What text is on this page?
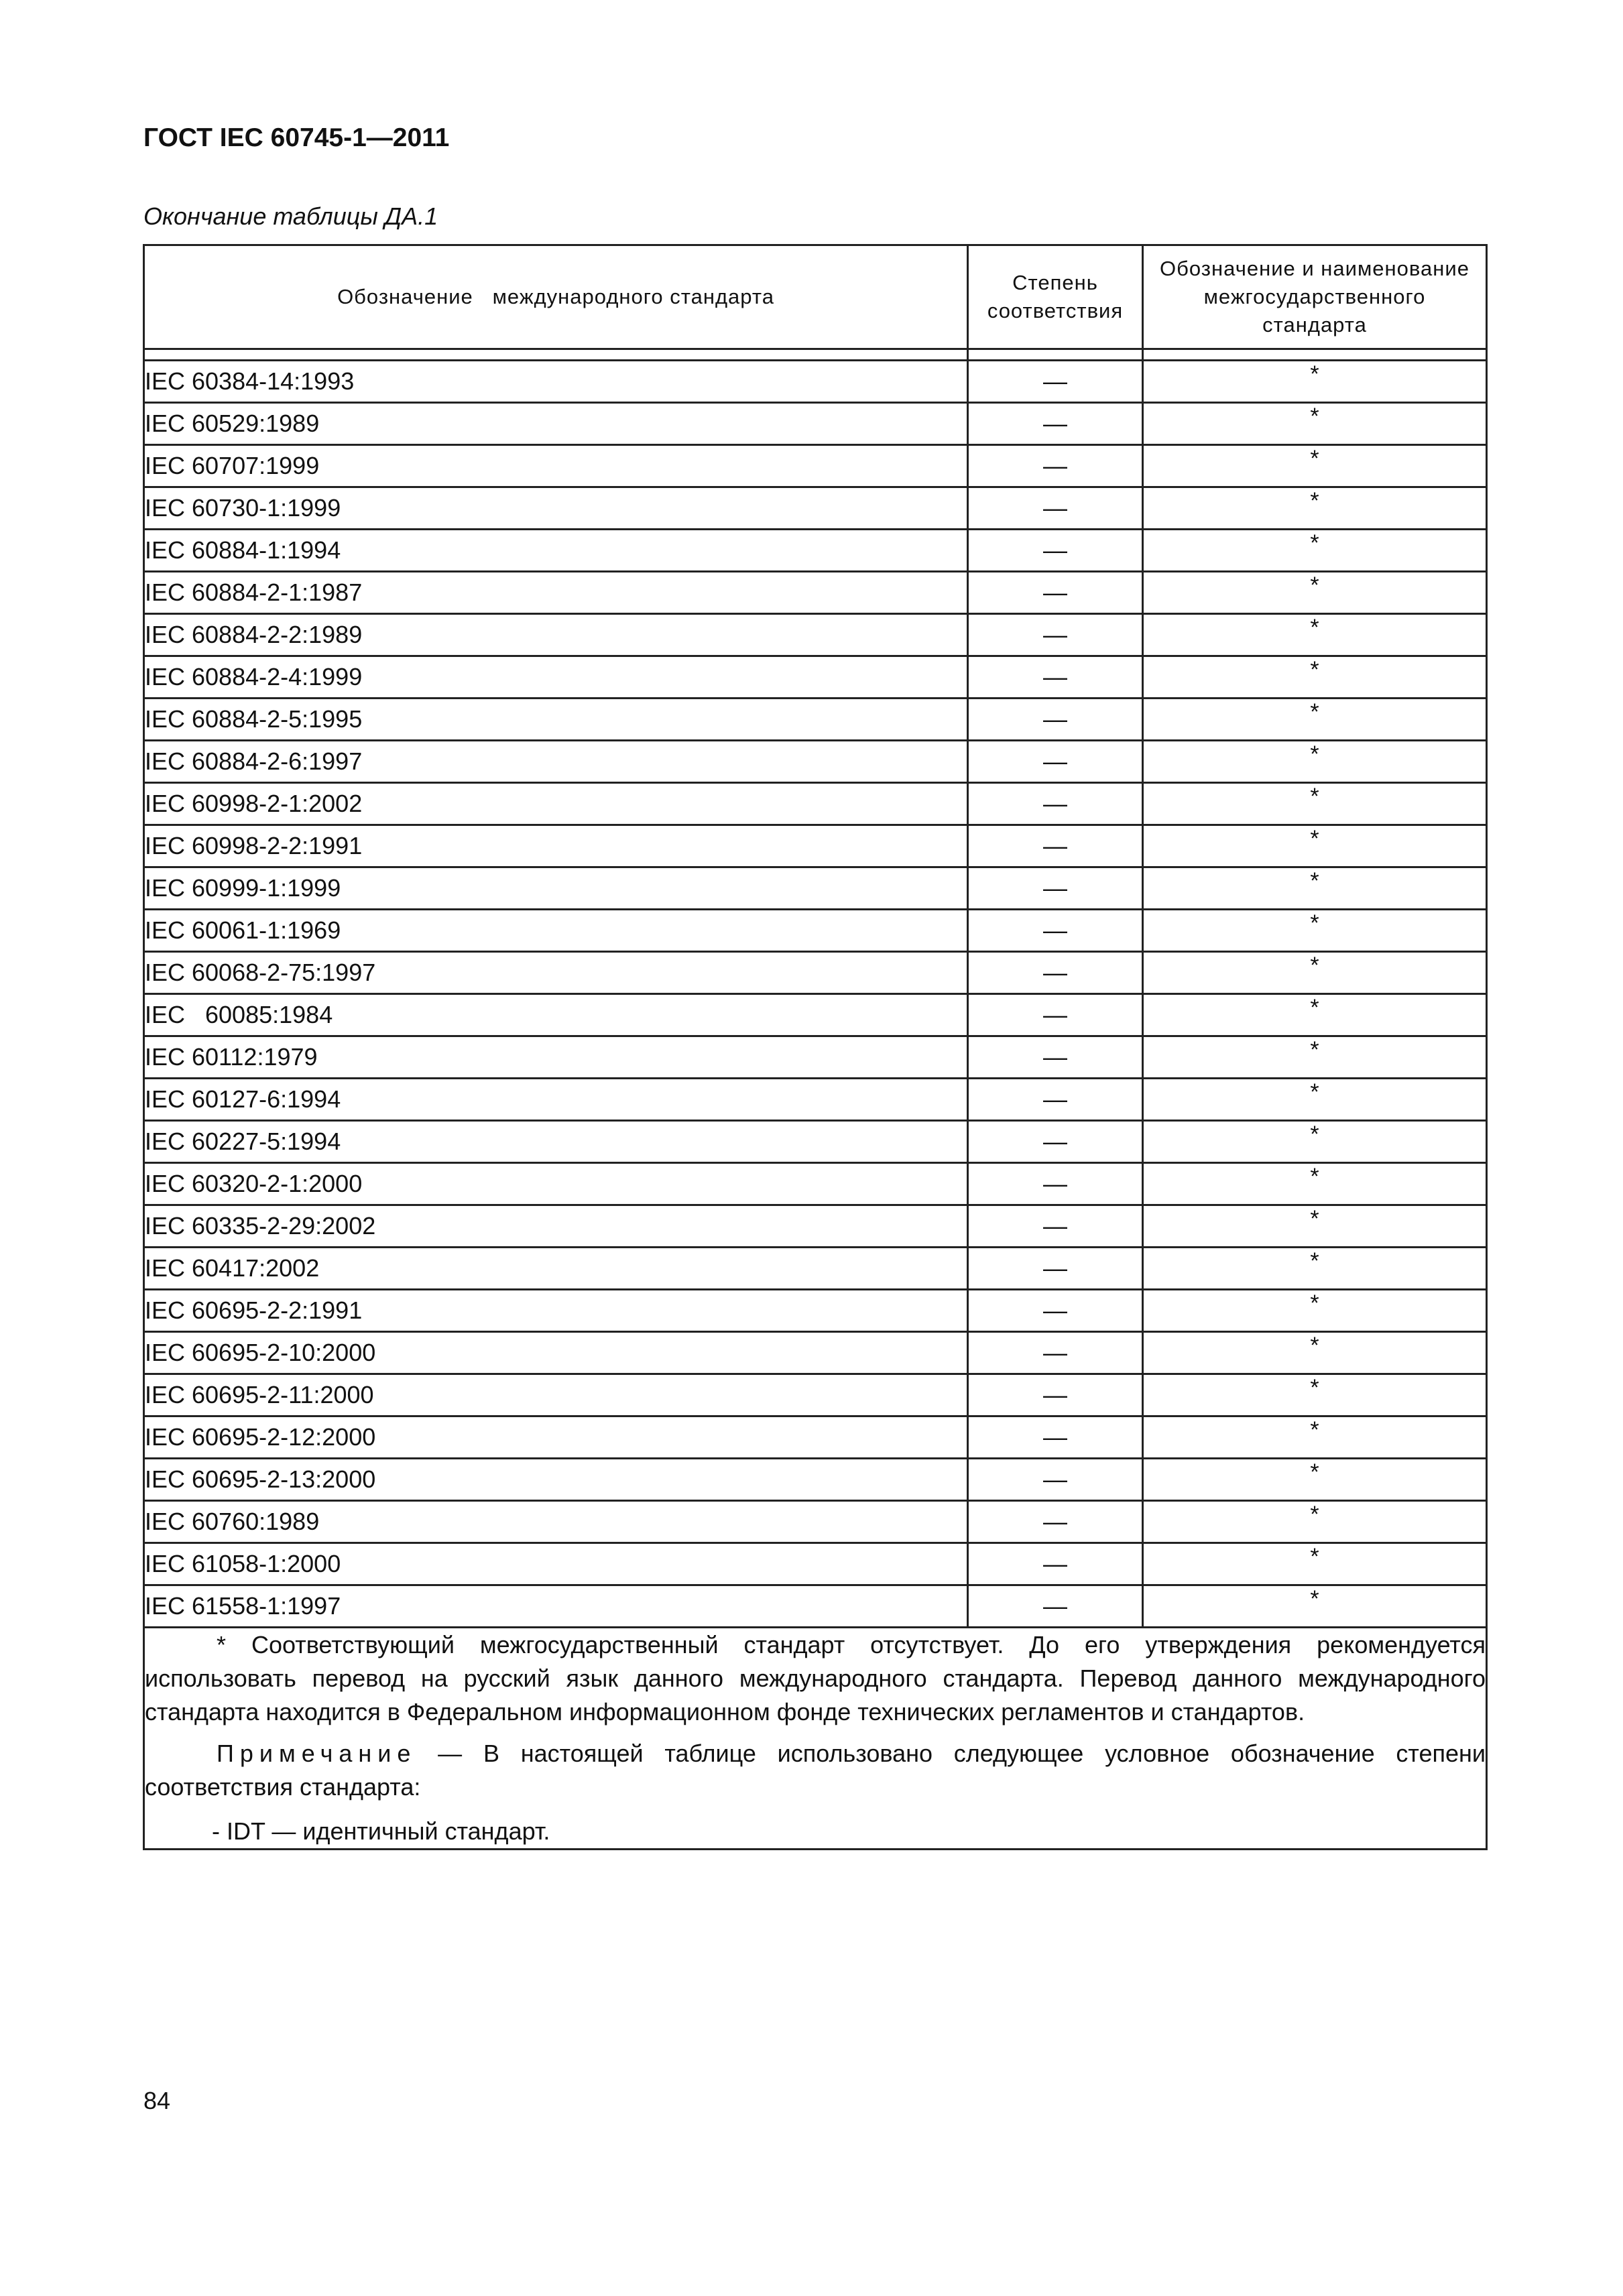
ГОСТ IEC 60745-1—2011
Окончание таблицы ДА.1
Обозначение   международного стандарта	Степень соответствия	Обозначение и наименование межгосударственного стандарта

IEC 60384-14:1993	—	*
IEC 60529:1989	—	*
IEC 60707:1999	—	*
IEC 60730-1:1999	—	*
IEC 60884-1:1994	—	*
IEC 60884-2-1:1987	—	*
IEC 60884-2-2:1989	—	*
IEC 60884-2-4:1999	—	*
IEC 60884-2-5:1995	—	*
IEC 60884-2-6:1997	—	*
IEC 60998-2-1:2002	—	*
IEC 60998-2-2:1991	—	*
IEC 60999-1:1999	—	*
IEC 60061-1:1969	—	*
IEC 60068-2-75:1997	—	*
IEC   60085:1984	—	*
IEC 60112:1979	—	*
IEC 60127-6:1994	—	*
IEC 60227-5:1994	—	*
IEC 60320-2-1:2000	—	*
IEC 60335-2-29:2002	—	*
IEC 60417:2002	—	*
IEC 60695-2-2:1991	—	*
IEC 60695-2-10:2000	—	*
IEC 60695-2-11:2000	—	*
IEC 60695-2-12:2000	—	*
IEC 60695-2-13:2000	—	*
IEC 60760:1989	—	*
IEC 61058-1:2000	—	*
IEC 61558-1:1997	—	*

* Соответствующий межгосударственный стандарт отсутствует. До его утверждения рекомендуется использовать перевод на русский язык данного международного стандарта. Перевод данного международного стандарта находится в Федеральном информационном фонде технических регламентов и стандартов.

Примечание — В настоящей таблице использовано следующее условное обозначение степени соответствия стандарта:

- IDT — идентичный стандарт.		

84
